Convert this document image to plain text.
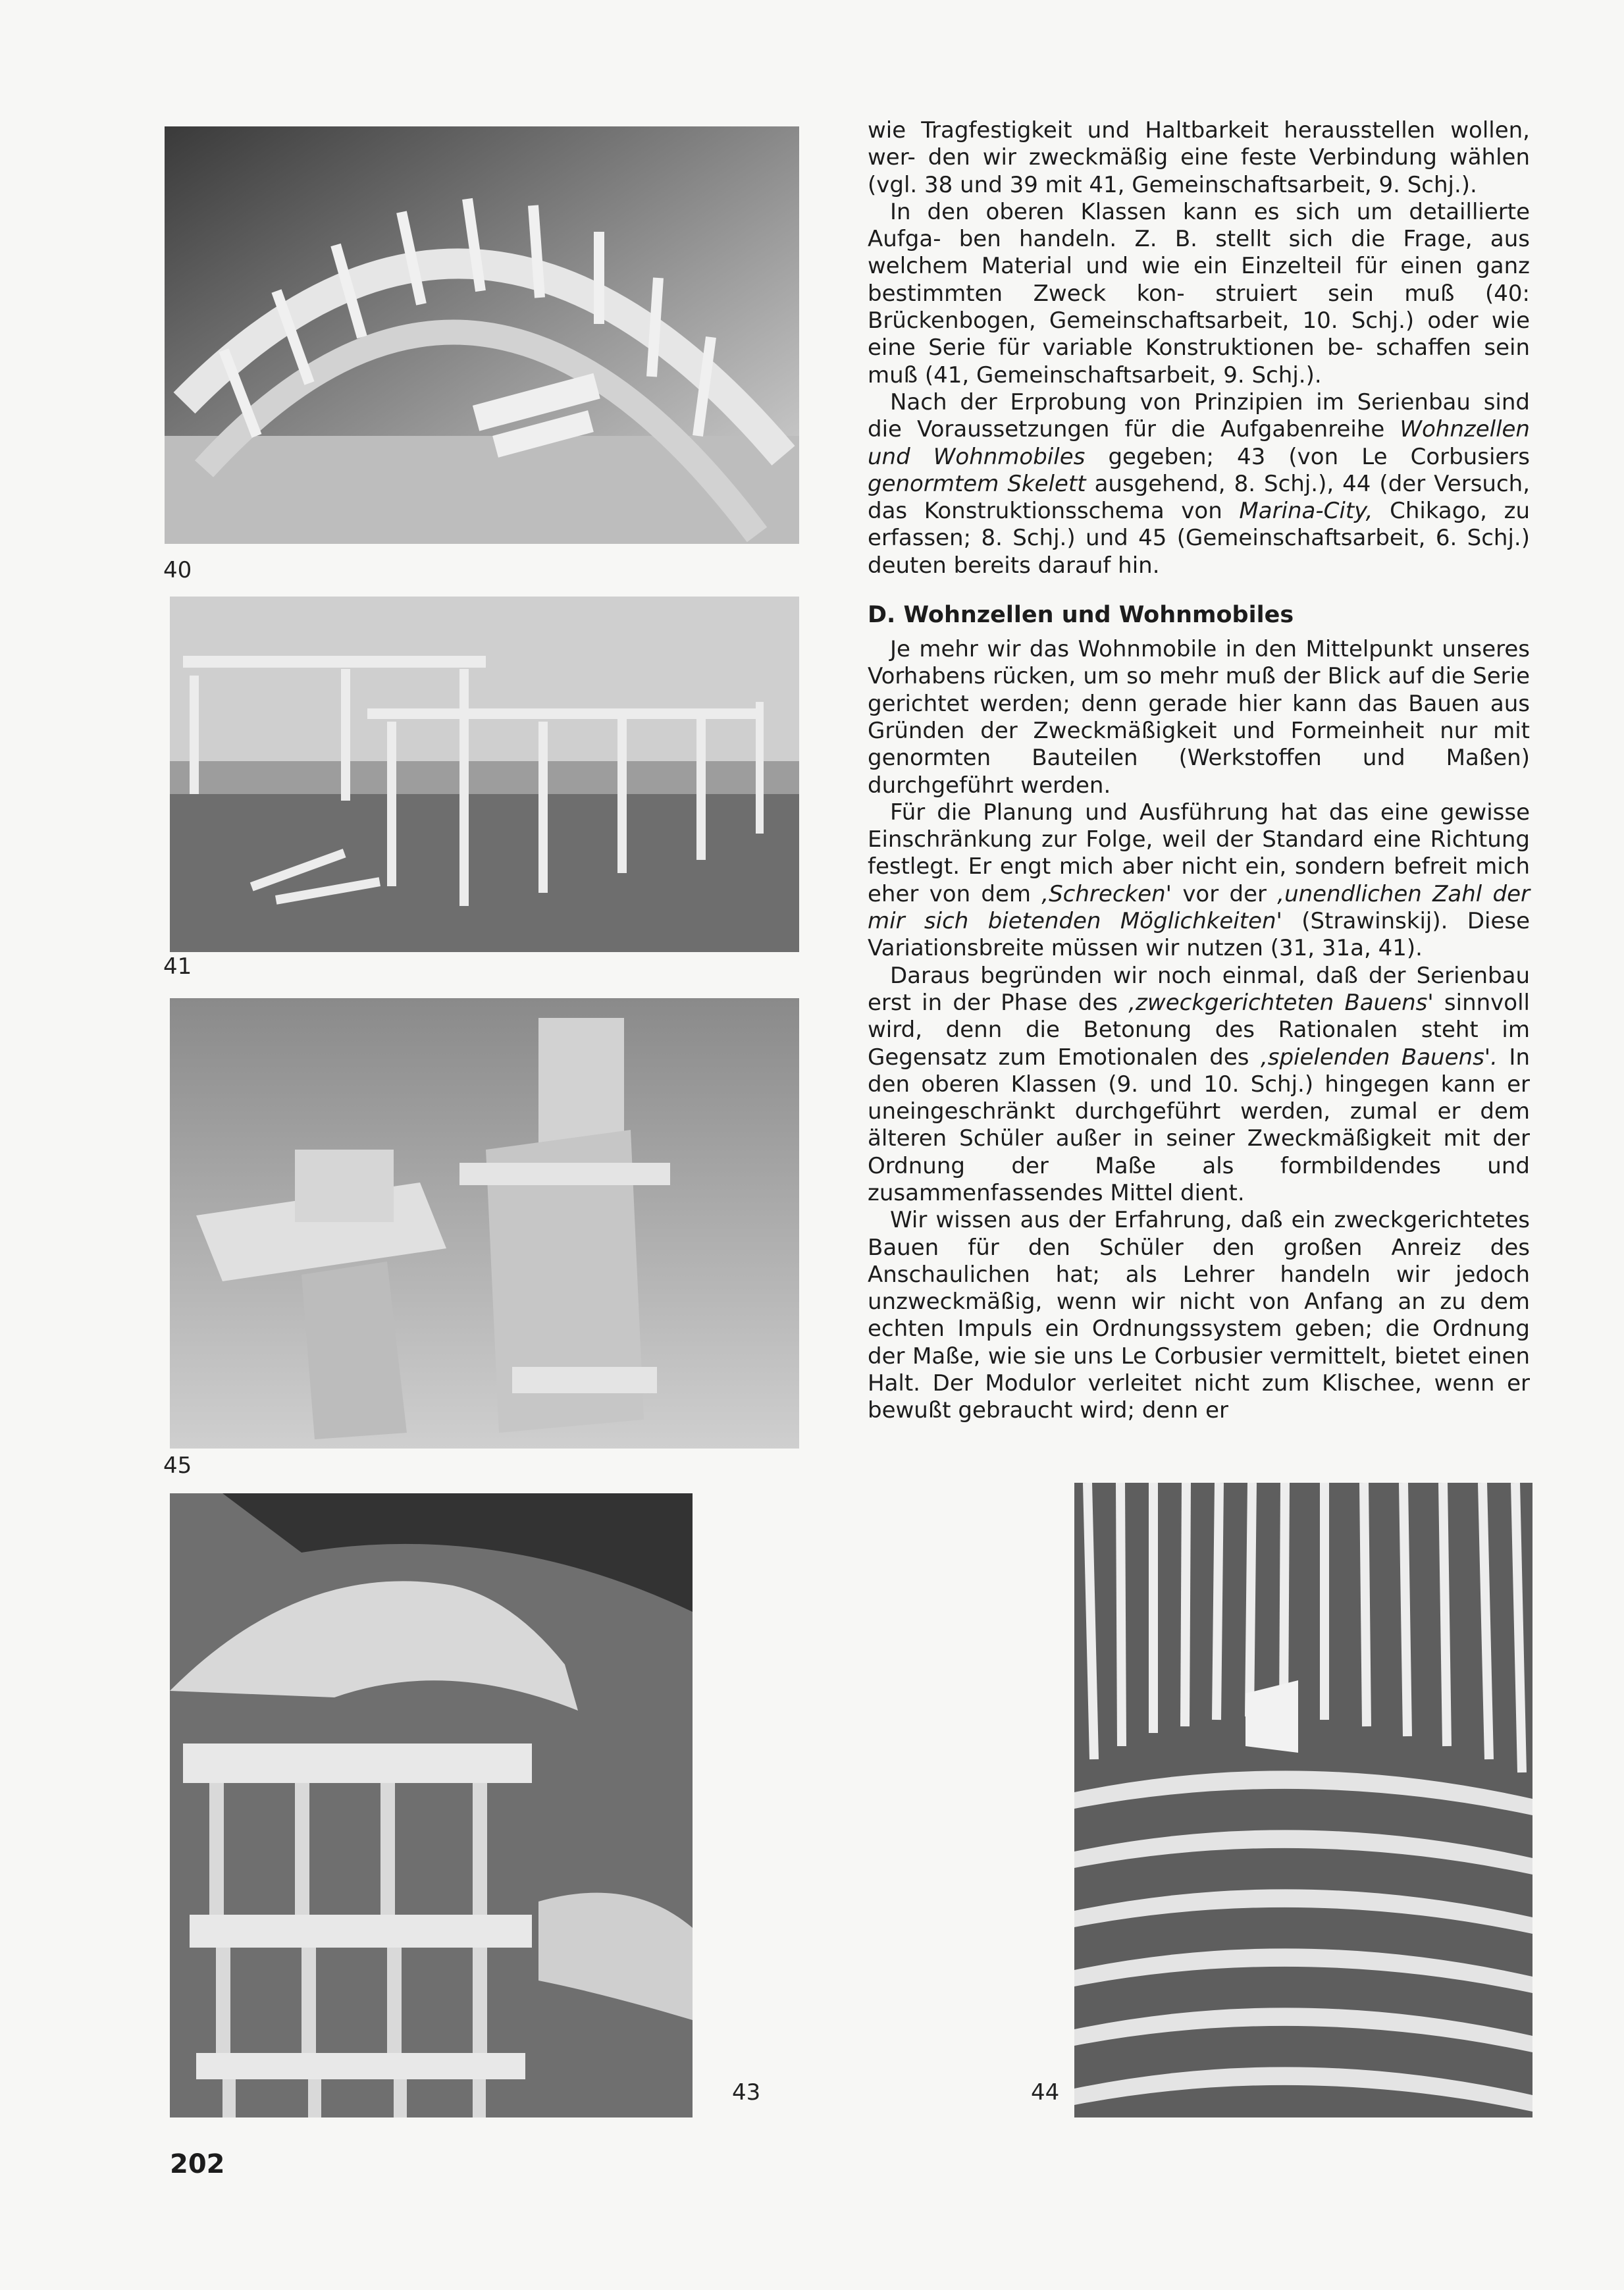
40
41
45
43	44

wie Tragfestigkeit und Haltbarkeit herausstellen wollen, wer- den wir zweckmäßig eine feste Verbindung wählen (vgl. 38 und 39 mit 41, Gemeinschaftsarbeit, 9. Schj.).

In den oberen Klassen kann es sich um detaillierte Aufga- ben handeln. Z. B. stellt sich die Frage, aus welchem Material und wie ein Einzelteil für einen ganz bestimmten Zweck kon- struiert sein muß (40: Brückenbogen, Gemeinschaftsarbeit, 10. Schj.) oder wie eine Serie für variable Konstruktionen be- schaffen sein muß (41, Gemeinschaftsarbeit, 9. Schj.).

Nach der Erprobung von Prinzipien im Serienbau sind die Voraussetzungen für die Aufgabenreihe Wohnzellen und Wohnmobiles gegeben; 43 (von Le Corbusiers genormtem Skelett ausgehend, 8. Schj.), 44 (der Versuch, das Konstruktionsschema von Marina-City, Chikago, zu erfassen; 8. Schj.) und 45 (Gemeinschaftsarbeit, 6. Schj.) deuten bereits darauf hin.

D. Wohnzellen und Wohnmobiles

Je mehr wir das Wohnmobile in den Mittelpunkt unseres Vorhabens rücken, um so mehr muß der Blick auf die Serie gerichtet werden; denn gerade hier kann das Bauen aus Gründen der Zweckmäßigkeit und Formeinheit nur mit genormten Bauteilen (Werkstoffen und Maßen) durchgeführt werden.

Für die Planung und Ausführung hat das eine gewisse Einschränkung zur Folge, weil der Standard eine Richtung festlegt. Er engt mich aber nicht ein, sondern befreit mich eher von dem ‚Schrecken' vor der ‚unendlichen Zahl der mir sich bietenden Möglichkeiten' (Strawinskij). Diese Variationsbreite müssen wir nutzen (31, 31a, 41).

Daraus begründen wir noch einmal, daß der Serienbau erst in der Phase des ‚zweckgerichteten Bauens' sinnvoll wird, denn die Betonung des Rationalen steht im Gegensatz zum Emotionalen des ‚spielenden Bauens'. In den oberen Klassen (9. und 10. Schj.) hingegen kann er uneingeschränkt durchgeführt werden, zumal er dem älteren Schüler außer in seiner Zweckmäßigkeit mit der Ordnung der Maße als formbildendes und zusammenfassendes Mittel dient.

Wir wissen aus der Erfahrung, daß ein zweckgerichtetes Bauen für den Schüler den großen Anreiz des Anschaulichen hat; als Lehrer handeln wir jedoch unzweckmäßig, wenn wir nicht von Anfang an zu dem echten Impuls ein Ordnungssystem geben; die Ordnung der Maße, wie sie uns Le Corbusier vermittelt, bietet einen Halt. Der Modulor verleitet nicht zum Klischee, wenn er bewußt gebraucht wird; denn er

202
